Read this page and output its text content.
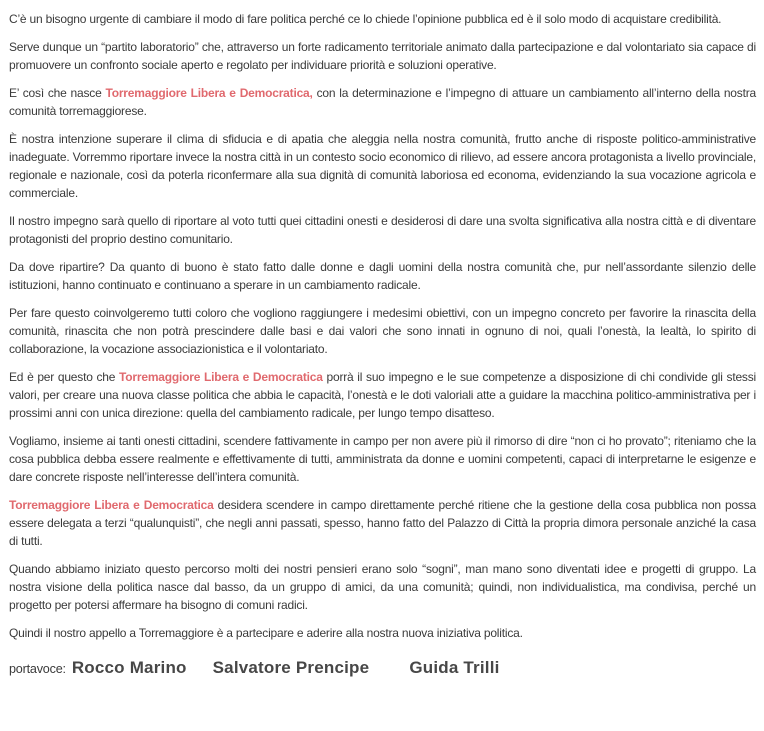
C’è un bisogno urgente di cambiare il modo di fare politica perché ce lo chiede l’opinione pubblica ed è il solo modo di acquistare credibilità.

Serve dunque un “partito laboratorio” che, attraverso un forte radicamento territoriale animato dalla partecipazione e dal volontariato sia capace di promuovere un confronto sociale aperto e regolato per individuare priorità e soluzioni operative.

E’ così che nasce Torremaggiore Libera e Democratica, con la determinazione e l’impegno di attuare un cambiamento all’interno della nostra comunità torremaggiorese.

È nostra intenzione superare il clima di sfiducia e di apatia che aleggia nella nostra comunità, frutto anche di risposte politico-amministrative inadeguate. Vorremmo riportare invece la nostra città in un contesto socio economico di rilievo, ad essere ancora protagonista a livello provinciale, regionale e nazionale, così da poterla riconfermare alla sua dignità di comunità laboriosa ed economa, evidenziando la sua vocazione agricola e commerciale.

Il nostro impegno sarà quello di riportare al voto tutti quei cittadini onesti e desiderosi di dare una svolta significativa alla nostra città e di diventare protagonisti del proprio destino comunitario.

Da dove ripartire? Da quanto di buono è stato fatto dalle donne e dagli uomini della nostra comunità che, pur nell’assordante silenzio delle istituzioni, hanno continuato e continuano a sperare in un cambiamento radicale.

Per fare questo coinvolgeremo tutti coloro che vogliono raggiungere i medesimi obiettivi, con un impegno concreto per favorire la rinascita della comunità, rinascita che non potrà prescindere dalle basi e dai valori che sono innati in ognuno di noi, quali l’onestà, la lealtà, lo spirito di collaborazione, la vocazione associazionistica e il volontariato.

Ed è per questo che Torremaggiore Libera e Democratica porrà il suo impegno e le sue competenze a disposizione di chi condivide gli stessi valori, per creare una nuova classe politica che abbia le capacità, l’onestà e le doti valoriali atte a guidare la macchina politico-amministrativa per i prossimi anni con unica direzione: quella del cambiamento radicale, per lungo tempo disatteso.

Vogliamo, insieme ai tanti onesti cittadini, scendere fattivamente in campo per non avere più il rimorso di dire “non ci ho provato”; riteniamo che la cosa pubblica debba essere realmente e effettivamente di tutti, amministrata da donne e uomini competenti, capaci di interpretarne le esigenze e dare concrete risposte nell’interesse dell’intera comunità.

Torremaggiore Libera e Democratica desidera scendere in campo direttamente perché ritiene che la gestione della cosa pubblica non possa essere delegata a terzi “qualunquisti”, che negli anni passati, spesso, hanno fatto del Palazzo di Città la propria dimora personale anziché la casa di tutti.

Quando abbiamo iniziato questo percorso molti dei nostri pensieri erano solo “sogni”, man mano sono diventati idee e progetti di gruppo. La nostra visione della politica nasce dal basso, da un gruppo di amici, da una comunità; quindi, non individualistica, ma condivisa, perché un progetto per potersi affermare ha bisogno di comuni radici.

Quindi il nostro appello a Torremaggiore è a partecipare e aderire alla nostra nuova iniziativa politica.

portavoce: Rocco Marino Salvatore Prencipe Guida Trilli
